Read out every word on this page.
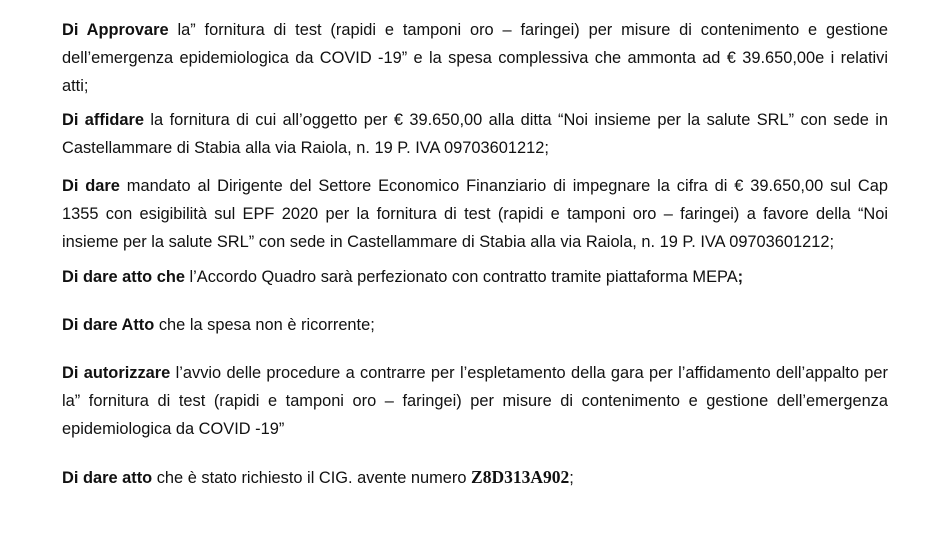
Di Approvare la” fornitura di test (rapidi e tamponi oro – faringei) per misure di contenimento e gestione dell’emergenza epidemiologica da COVID -19” e la spesa complessiva che ammonta ad € 39.650,00e i relativi atti;

Di affidare la fornitura di cui all’oggetto per € 39.650,00 alla ditta “Noi insieme per la salute SRL” con sede in Castellammare di Stabia alla via Raiola, n. 19 P. IVA 09703601212;

Di dare mandato al Dirigente del Settore Economico Finanziario di impegnare la cifra di € 39.650,00 sul Cap 1355 con esigibilità sul EPF 2020 per la fornitura di test (rapidi e tamponi oro – faringei) a favore della “Noi insieme per la salute SRL” con sede in Castellammare di Stabia alla via Raiola, n. 19 P. IVA 09703601212;

Di dare atto che l’Accordo Quadro sarà perfezionato con contratto tramite piattaforma MEPA;

Di dare Atto che la spesa non è ricorrente;

Di autorizzare l’avvio delle procedure a contrarre per l’espletamento della gara per l’affidamento dell’appalto per la” fornitura di test (rapidi e tamponi oro – faringei) per misure di contenimento e gestione dell’emergenza epidemiologica da COVID -19”

Di dare atto che è stato richiesto il CIG. avente numero Z8D313A902;
